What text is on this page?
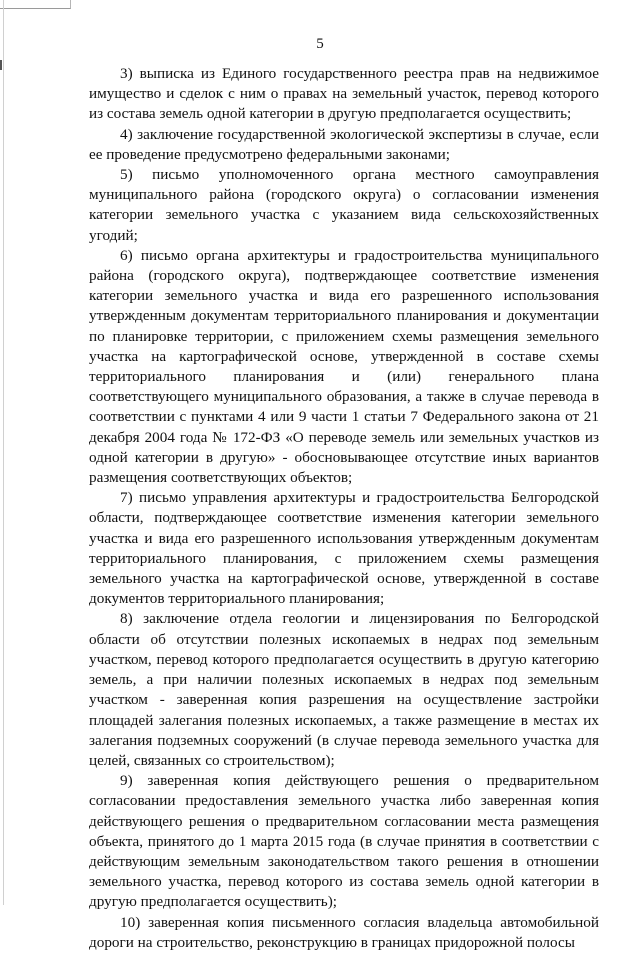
5

3) выписка из Единого государственного реестра прав на недвижимое имущество и сделок с ним о правах на земельный участок, перевод которого из состава земель одной категории в другую предполагается осуществить;

4) заключение государственной экологической экспертизы в случае, если ее проведение предусмотрено федеральными законами;

5) письмо уполномоченного органа местного самоуправления муниципального района (городского округа) о согласовании изменения категории земельного участка с указанием вида сельскохозяйственных угодий;

6) письмо органа архитектуры и градостроительства муниципального района (городского округа), подтверждающее соответствие изменения категории земельного участка и вида его разрешенного использования утвержденным документам территориального планирования и документации по планировке территории, с приложением схемы размещения земельного участка на картографической основе, утвержденной в составе схемы территориального планирования и (или) генерального плана соответствующего муниципального образования, а также в случае перевода в соответствии с пунктами 4 или 9 части 1 статьи 7 Федерального закона от 21 декабря 2004 года № 172-ФЗ «О переводе земель или земельных участков из одной категории в другую» - обосновывающее отсутствие иных вариантов размещения соответствующих объектов;

7) письмо управления архитектуры и градостроительства Белгородской области, подтверждающее соответствие изменения категории земельного участка и вида его разрешенного использования утвержденным документам территориального планирования, с приложением схемы размещения земельного участка на картографической основе, утвержденной в составе документов территориального планирования;

8) заключение отдела геологии и лицензирования по Белгородской области об отсутствии полезных ископаемых в недрах под земельным участком, перевод которого предполагается осуществить в другую категорию земель, а при наличии полезных ископаемых в недрах под земельным участком - заверенная копия разрешения на осуществление застройки площадей залегания полезных ископаемых, а также размещение в местах их залегания подземных сооружений (в случае перевода земельного участка для целей, связанных со строительством);

9) заверенная копия действующего решения о предварительном согласовании предоставления земельного участка либо заверенная копия действующего решения о предварительном согласовании места размещения объекта, принятого до 1 марта 2015 года (в случае принятия в соответствии с действующим земельным законодательством такого решения в отношении земельного участка, перевод которого из состава земель одной категории в другую предполагается осуществить);

10) заверенная копия письменного согласия владельца автомобильной дороги на строительство, реконструкцию в границах придорожной полосы
